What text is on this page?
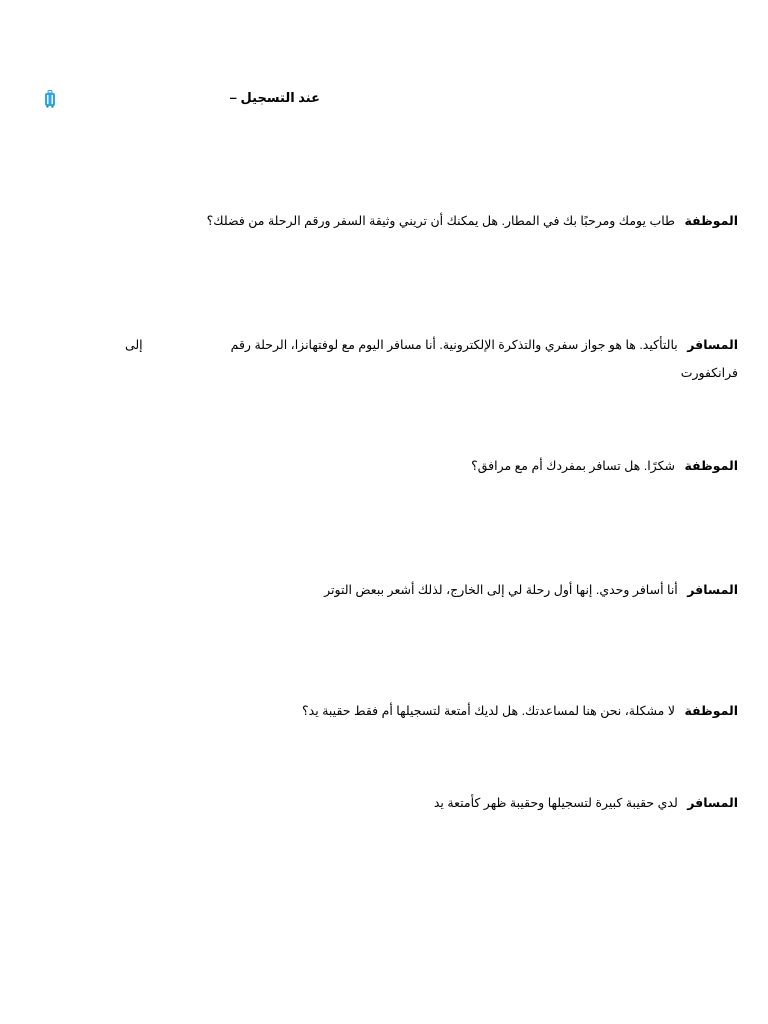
عند التسجيل –
الموظفة طاب يومك ومرحبًا بك في المطار. هل يمكنك أن تريني وثيقة السفر ورقم الرحلة من فضلك؟
المسافر بالتأكيد. ها هو جواز سفري والتذكرة الإلكترونية. أنا مسافر اليوم مع لوفتهانزا، الرحلة رقمإلى
فرانكفورت
الموظفة شكرًا. هل تسافر بمفردك أم مع مرافق؟
المسافر أنا أسافر وحدي. إنها أول رحلة لي إلى الخارج، لذلك أشعر ببعض التوتر
الموظفة لا مشكلة، نحن هنا لمساعدتك. هل لديك أمتعة لتسجيلها أم فقط حقيبة يد؟
المسافر لدي حقيبة كبيرة لتسجيلها وحقيبة ظهر كأمتعة يد
